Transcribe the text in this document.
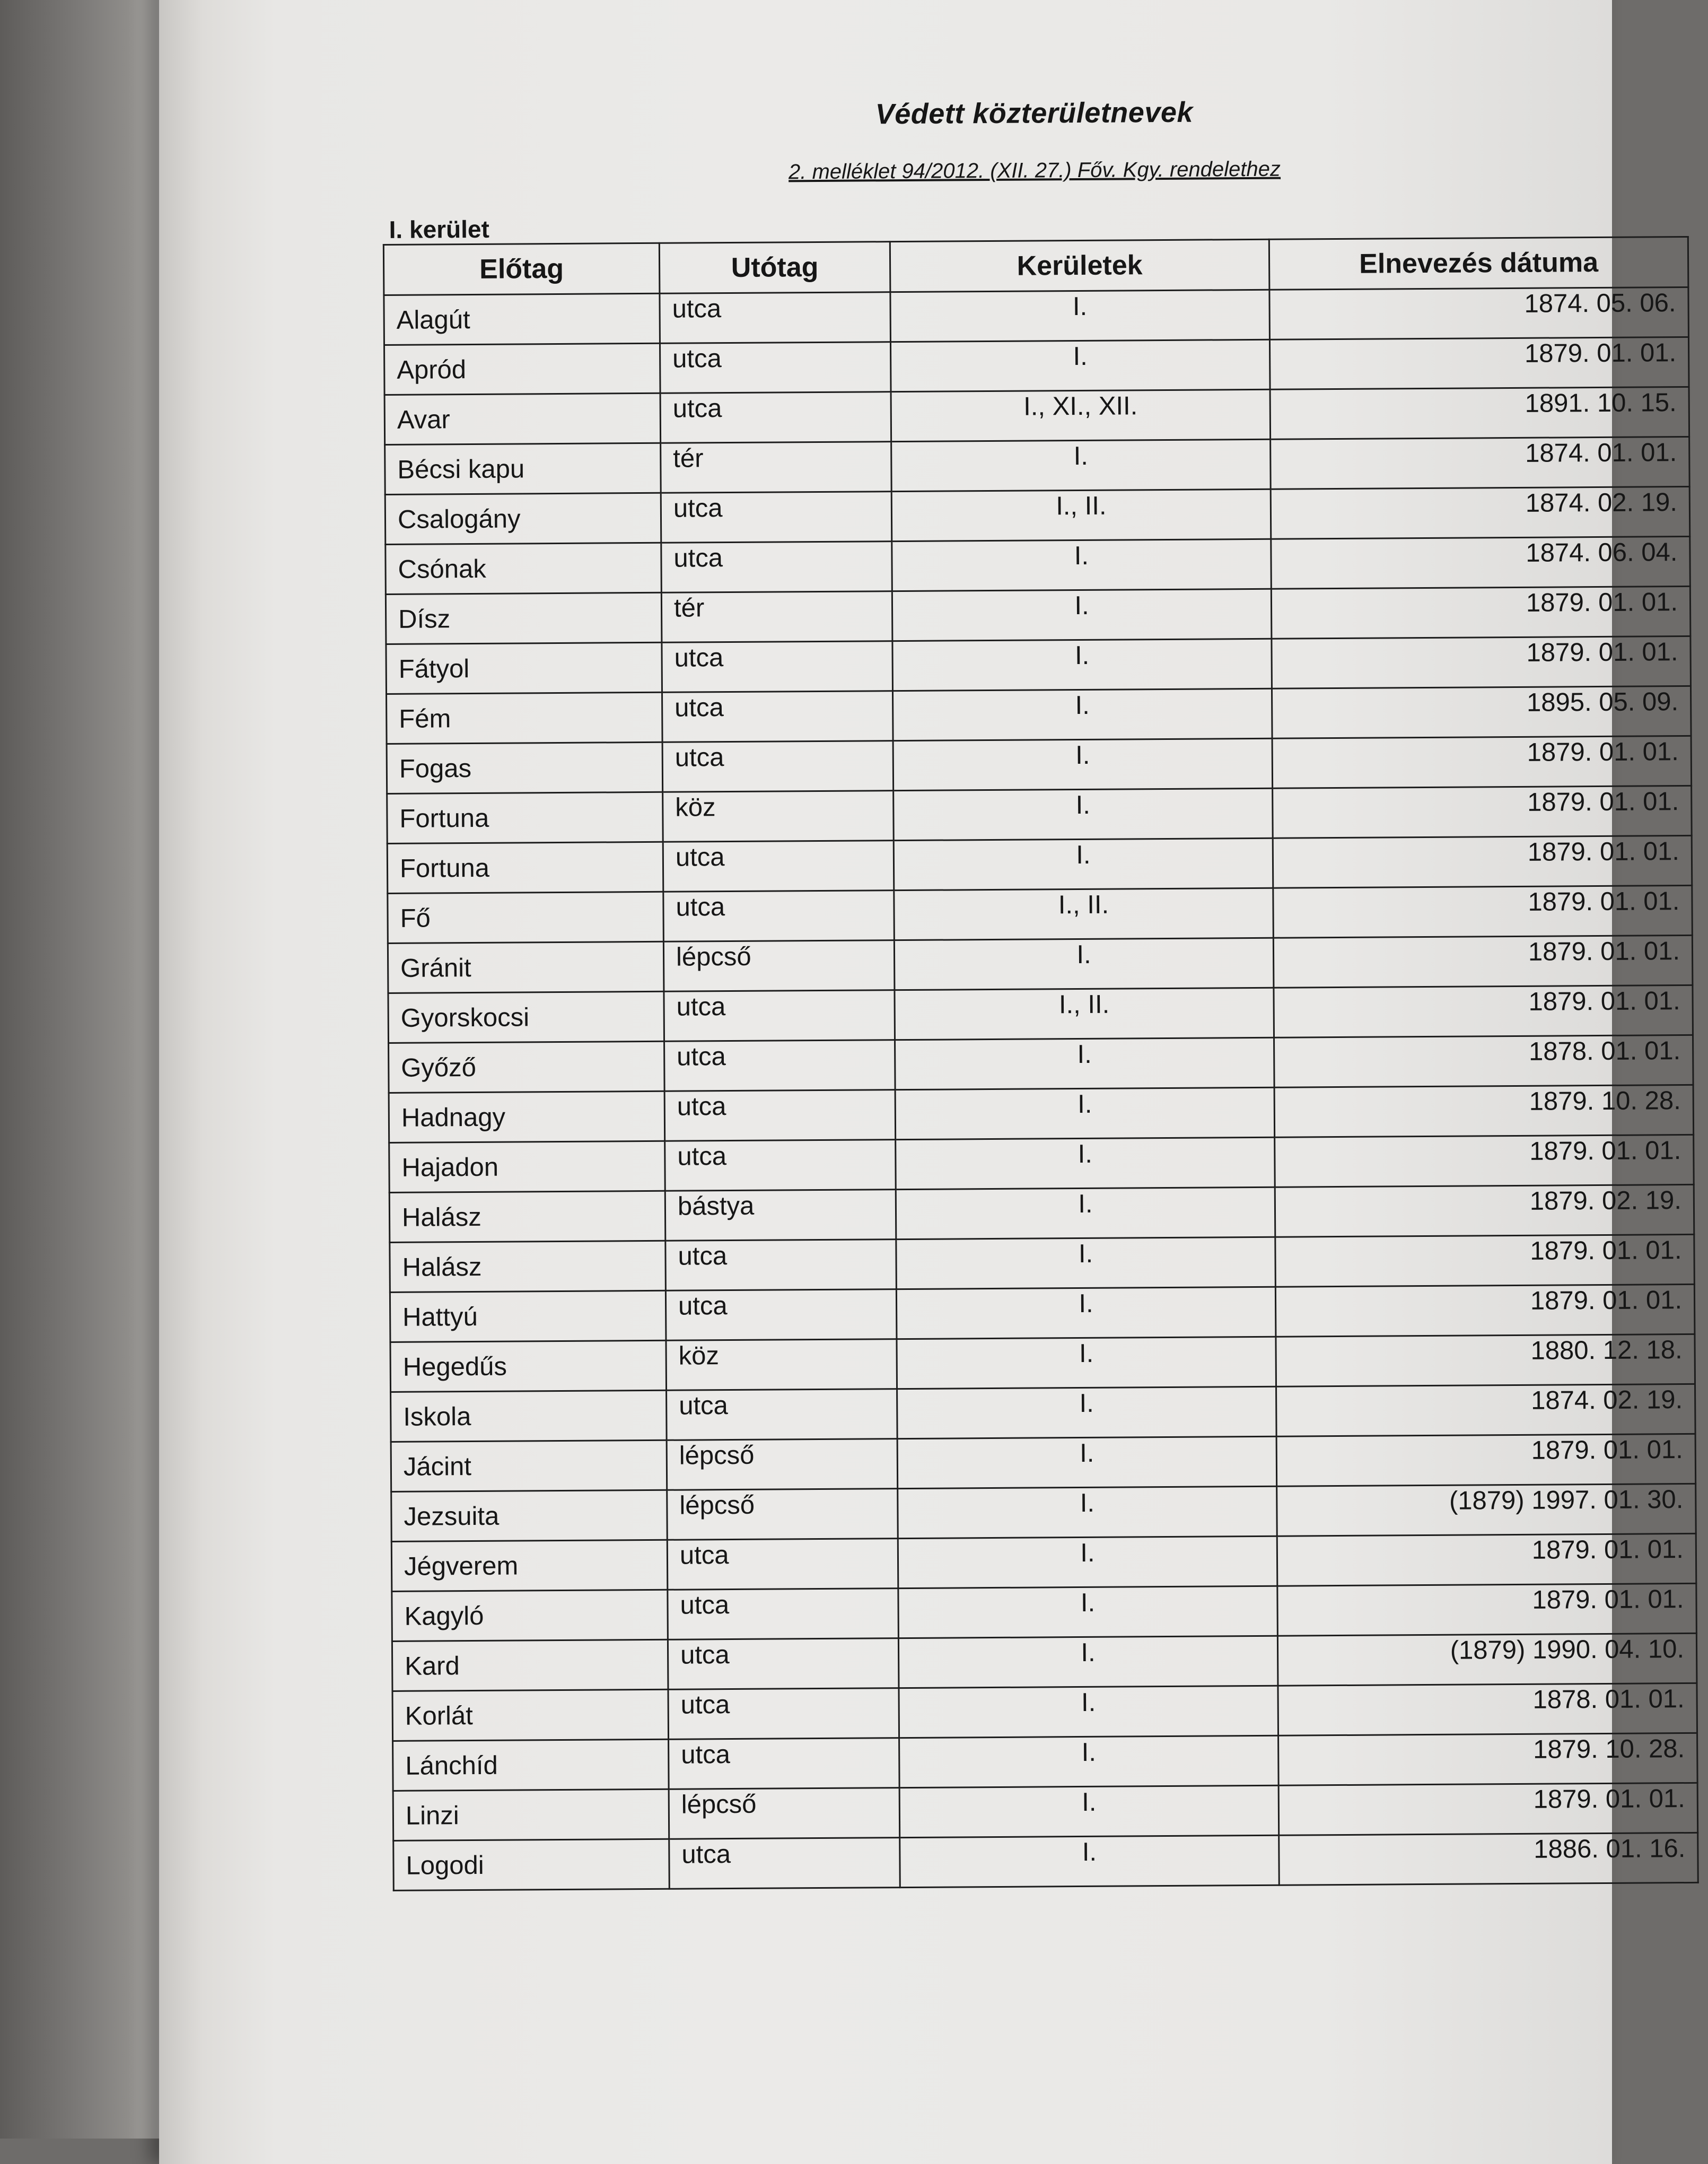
Védett közterületnevek
2. melléklet 94/2012. (XII. 27.) Főv. Kgy. rendelethez
I. kerület
Előtag	Utótag	Kerületek	Elnevezés dátuma
Alagút	utca	I.	1874. 05. 06.
Apród	utca	I.	1879. 01. 01.
Avar	utca	I., XI., XII.	1891. 10. 15.
Bécsi kapu	tér	I.	1874. 01. 01.
Csalogány	utca	I., II.	1874. 02. 19.
Csónak	utca	I.	1874. 06. 04.
Dísz	tér	I.	1879. 01. 01.
Fátyol	utca	I.	1879. 01. 01.
Fém	utca	I.	1895. 05. 09.
Fogas	utca	I.	1879. 01. 01.
Fortuna	köz	I.	1879. 01. 01.
Fortuna	utca	I.	1879. 01. 01.
Fő	utca	I., II.	1879. 01. 01.
Gránit	lépcső	I.	1879. 01. 01.
Gyorskocsi	utca	I., II.	1879. 01. 01.
Győző	utca	I.	1878. 01. 01.
Hadnagy	utca	I.	1879. 10. 28.
Hajadon	utca	I.	1879. 01. 01.
Halász	bástya	I.	1879. 02. 19.
Halász	utca	I.	1879. 01. 01.
Hattyú	utca	I.	1879. 01. 01.
Hegedűs	köz	I.	1880. 12. 18.
Iskola	utca	I.	1874. 02. 19.
Jácint	lépcső	I.	1879. 01. 01.
Jezsuita	lépcső	I.	(1879) 1997. 01. 30.
Jégverem	utca	I.	1879. 01. 01.
Kagyló	utca	I.	1879. 01. 01.
Kard	utca	I.	(1879) 1990. 04. 10.
Korlát	utca	I.	1878. 01. 01.
Lánchíd	utca	I.	1879. 10. 28.
Linzi	lépcső	I.	1879. 01. 01.
Logodi	utca	I.	1886. 01. 16.
